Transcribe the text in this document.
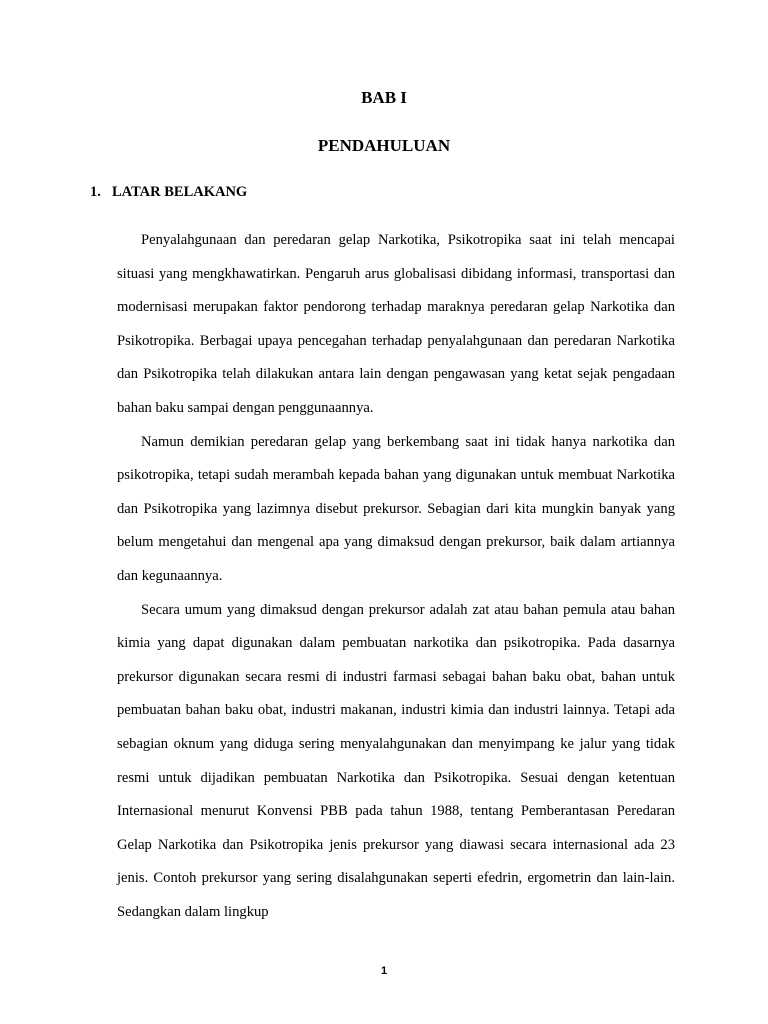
BAB I
PENDAHULUAN
1. LATAR BELAKANG

Penyalahgunaan dan peredaran gelap Narkotika, Psikotropika saat ini telah mencapai situasi yang mengkhawatirkan. Pengaruh arus globalisasi dibidang informasi, transportasi dan modernisasi merupakan faktor pendorong terhadap maraknya peredaran gelap Narkotika dan Psikotropika. Berbagai upaya pencegahan terhadap penyalahgunaan dan peredaran Narkotika dan Psikotropika telah dilakukan antara lain dengan pengawasan yang ketat sejak pengadaan bahan baku sampai dengan penggunaannya.

Namun demikian peredaran gelap yang berkembang saat ini tidak hanya narkotika dan psikotropika, tetapi sudah merambah kepada bahan yang digunakan untuk membuat Narkotika dan Psikotropika yang lazimnya disebut prekursor. Sebagian dari kita mungkin banyak yang belum mengetahui dan mengenal apa yang dimaksud dengan prekursor, baik dalam artiannya dan kegunaannya.

Secara umum yang dimaksud dengan prekursor adalah zat atau bahan pemula atau bahan kimia yang dapat digunakan dalam pembuatan narkotika dan psikotropika. Pada dasarnya prekursor digunakan secara resmi di industri farmasi sebagai bahan baku obat, bahan untuk pembuatan bahan baku obat, industri makanan, industri kimia dan industri lainnya. Tetapi ada sebagian oknum yang diduga sering menyalahgunakan dan menyimpang ke jalur yang tidak resmi untuk dijadikan pembuatan Narkotika dan Psikotropika. Sesuai dengan ketentuan Internasional menurut Konvensi PBB pada tahun 1988, tentang Pemberantasan Peredaran Gelap Narkotika dan Psikotropika jenis prekursor yang diawasi secara internasional ada 23 jenis. Contoh prekursor yang sering disalahgunakan seperti efedrin, ergometrin dan lain-lain. Sedangkan dalam lingkup

1
